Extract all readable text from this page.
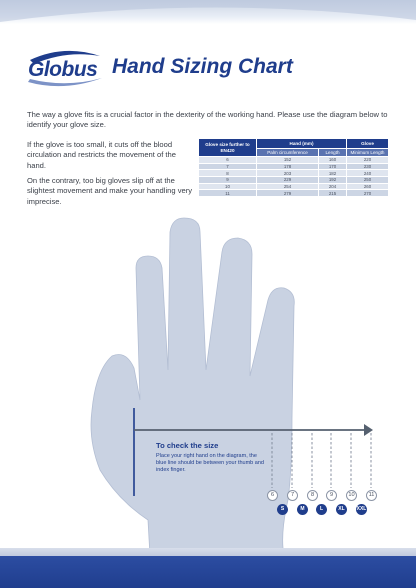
Globus Hand Sizing Chart
The way a glove fits is a crucial factor in the dexterity of the working hand. Please use the diagram below to identify your glove size.
If the glove is too small, it cuts off the blood circulation and restricts the movement of the hand.
On the contrary, too big gloves slip off at the slightest movement and make your handling very imprecise.
Glove size further to EN420	Hand (mm)		Glove
	Palm circumference	Length	Minimum Length
6	152	160	220
7	178	170	230
8	203	182	240
9	229	192	250
10	254	204	260
11	279	215	270
To check the size
Place your right hand on the diagram, the blue line should be between your thumb and index finger.
6	7	8	9	10	11
S	M	L	XL	XXL
